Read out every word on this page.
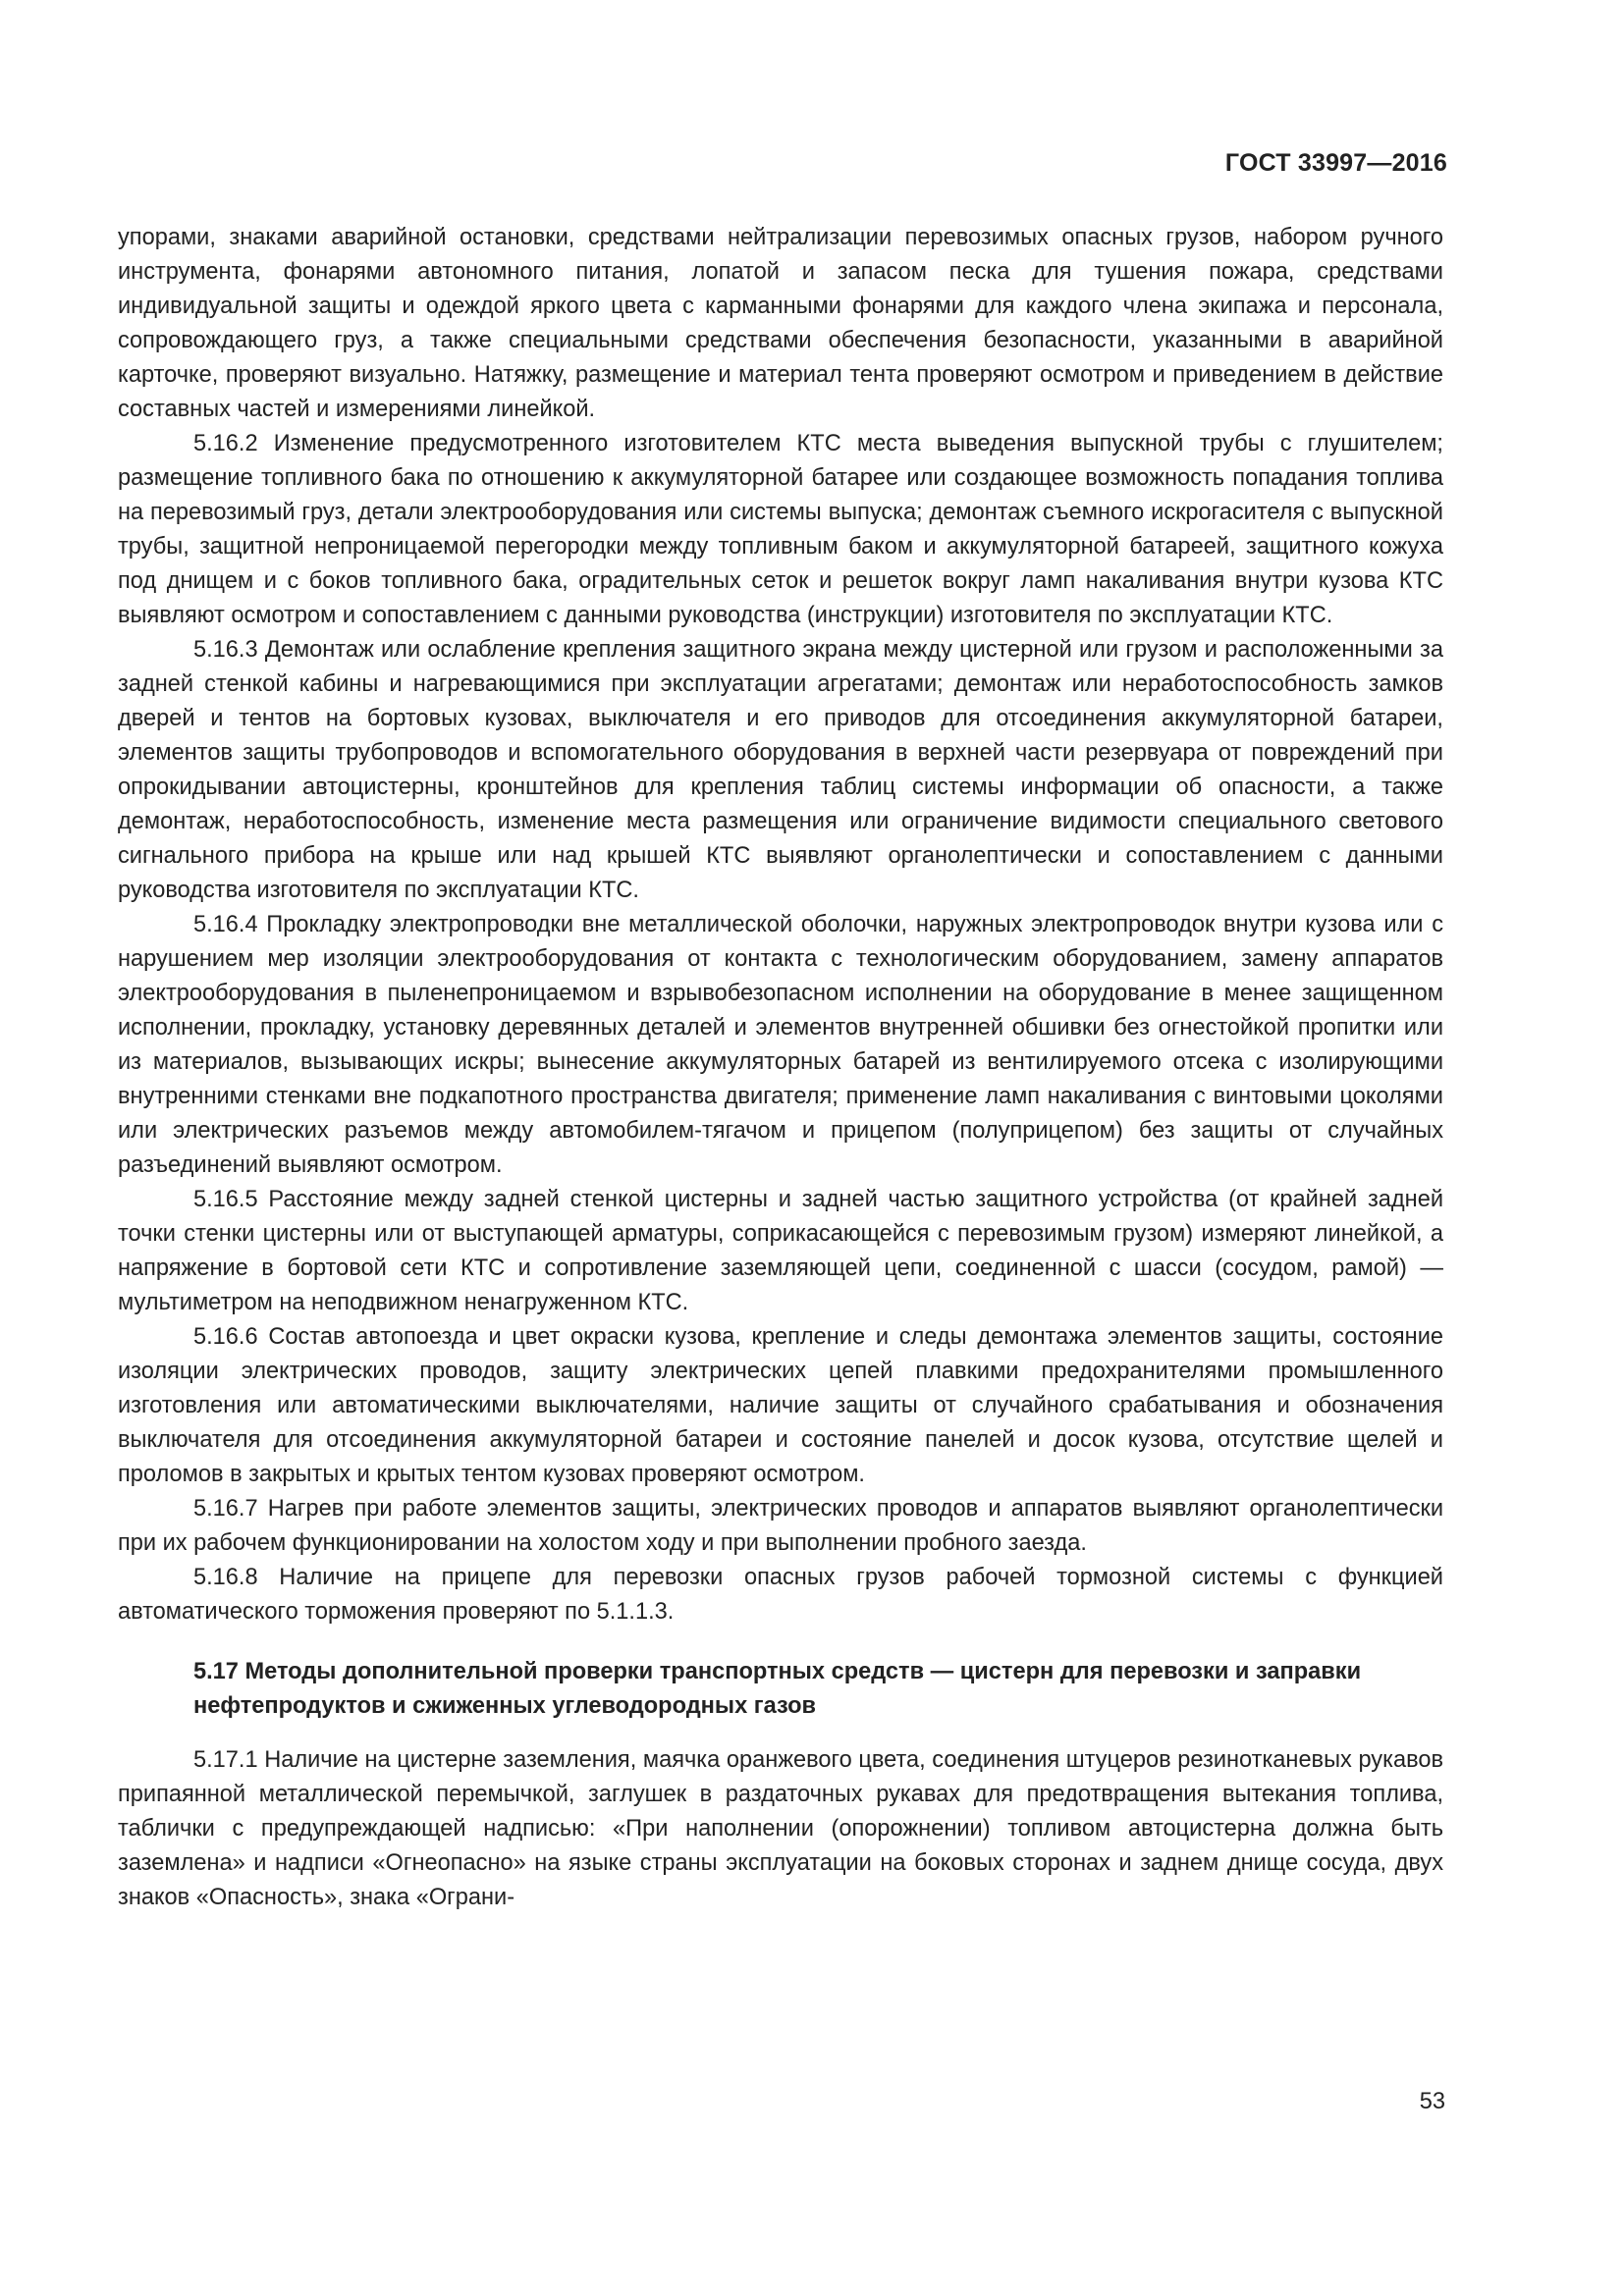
ГОСТ 33997—2016

упорами, знаками аварийной остановки, средствами нейтрализации перевозимых опасных грузов, набором ручного инструмента, фонарями автономного питания, лопатой и запасом песка для тушения пожара, средствами индивидуальной защиты и одеждой яркого цвета с карманными фонарями для каждого члена экипажа и персонала, сопровождающего груз, а также специальными средствами обеспечения безопасности, указанными в аварийной карточке, проверяют визуально. Натяжку, размещение и материал тента проверяют осмотром и приведением в действие составных частей и измерениями линейкой.

5.16.2 Изменение предусмотренного изготовителем КТС места выведения выпускной трубы с глушителем; размещение топливного бака по отношению к аккумуляторной батарее или создающее возможность попадания топлива на перевозимый груз, детали электрооборудования или системы выпуска; демонтаж съемного искрогасителя с выпускной трубы, защитной непроницаемой перегородки между топливным баком и аккумуляторной батареей, защитного кожуха под днищем и с боков топливного бака, оградительных сеток и решеток вокруг ламп накаливания внутри кузова КТС выявляют осмотром и сопоставлением с данными руководства (инструкции) изготовителя по эксплуатации КТС.

5.16.3 Демонтаж или ослабление крепления защитного экрана между цистерной или грузом и расположенными за задней стенкой кабины и нагревающимися при эксплуатации агрегатами; демонтаж или неработоспособность замков дверей и тентов на бортовых кузовах, выключателя и его приводов для отсоединения аккумуляторной батареи, элементов защиты трубопроводов и вспомогательного оборудования в верхней части резервуара от повреждений при опрокидывании автоцистерны, кронштейнов для крепления таблиц системы информации об опасности, а также демонтаж, неработоспособность, изменение места размещения или ограничение видимости специального светового сигнального прибора на крыше или над крышей КТС выявляют органолептически и сопоставлением с данными руководства изготовителя по эксплуатации КТС.

5.16.4 Прокладку электропроводки вне металлической оболочки, наружных электропроводок внутри кузова или с нарушением мер изоляции электрооборудования от контакта с технологическим оборудованием, замену аппаратов электрооборудования в пыленепроницаемом и взрывобезопасном исполнении на оборудование в менее защищенном исполнении, прокладку, установку деревянных деталей и элементов внутренней обшивки без огнестойкой пропитки или из материалов, вызывающих искры; вынесение аккумуляторных батарей из вентилируемого отсека с изолирующими внутренними стенками вне подкапотного пространства двигателя; применение ламп накаливания с винтовыми цоколями или электрических разъемов между автомобилем-тягачом и прицепом (полуприцепом) без защиты от случайных разъединений выявляют осмотром.

5.16.5 Расстояние между задней стенкой цистерны и задней частью защитного устройства (от крайней задней точки стенки цистерны или от выступающей арматуры, соприкасающейся с перевозимым грузом) измеряют линейкой, а напряжение в бортовой сети КТС и сопротивление заземляющей цепи, соединенной с шасси (сосудом, рамой) — мультиметром на неподвижном ненагруженном КТС.

5.16.6 Состав автопоезда и цвет окраски кузова, крепление и следы демонтажа элементов защиты, состояние изоляции электрических проводов, защиту электрических цепей плавкими предохранителями промышленного изготовления или автоматическими выключателями, наличие защиты от случайного срабатывания и обозначения выключателя для отсоединения аккумуляторной батареи и состояние панелей и досок кузова, отсутствие щелей и проломов в закрытых и крытых тентом кузовах проверяют осмотром.

5.16.7 Нагрев при работе элементов защиты, электрических проводов и аппаратов выявляют органолептически при их рабочем функционировании на холостом ходу и при выполнении пробного заезда.

5.16.8 Наличие на прицепе для перевозки опасных грузов рабочей тормозной системы с функцией автоматического торможения проверяют по 5.1.1.3.

5.17 Методы дополнительной проверки транспортных средств — цистерн для перевозки и заправки нефтепродуктов и сжиженных углеводородных газов

5.17.1 Наличие на цистерне заземления, маячка оранжевого цвета, соединения штуцеров резинотканевых рукавов припаянной металлической перемычкой, заглушек в раздаточных рукавах для предотвращения вытекания топлива, таблички с предупреждающей надписью: «При наполнении (опорожнении) топливом автоцистерна должна быть заземлена» и надписи «Огнеопасно» на языке страны эксплуатации на боковых сторонах и заднем днище сосуда, двух знаков «Опасность», знака «Ограни-

53
